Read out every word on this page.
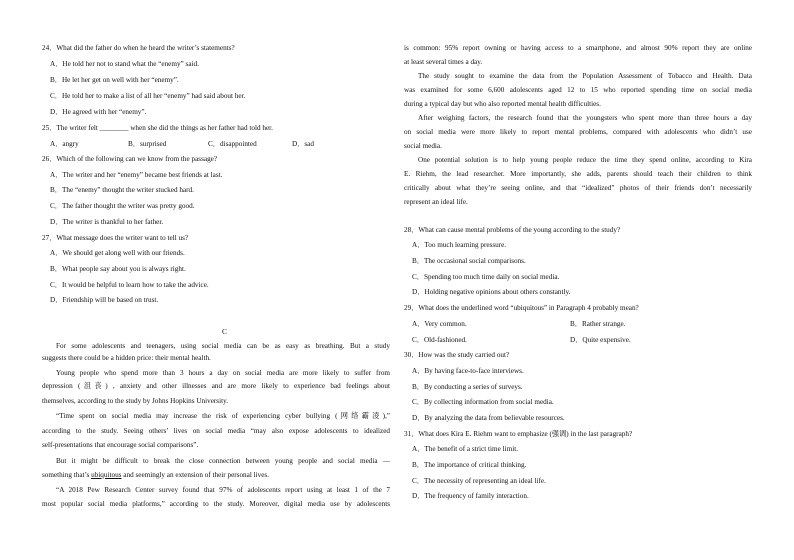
24．What did the father do when he heard the writer’s statements?
A．He told her not to stand what the “enemy” said.
B．He let her get on well with her “enemy”.
C．He told her to make a list of all her “enemy” had said about her.
D．He agreed with her “enemy”.
25．The writer felt ________ when she did the things as her father had told her.
A．angry	B．surprised	C．disappointed	D．sad
26．Which of the following can we know from the passage?
A．The writer and her “enemy” became best friends at last.
B．The “enemy” thought the writer stucked hard.
C．The father thought the writer was pretty good.
D．The writer is thankful to her father.
27．What message does the writer want to tell us?
A．We should get along well with our friends.
B．What people say about you is always right.
C．It would be helpful to learn how to take the advice.
D．Friendship will be based on trust.
C
For some adolescents and teenagers, using social media can be as easy as breathing. But a study
suggests there could be a hidden price: their mental health.
Young people who spend more than 3 hours a day on social media are more likely to suffer from
depression (沮丧) , anxiety and other illnesses and are more likely to experience bad feelings about
themselves, according to the study by Johns Hopkins University.
“Time spent on social media may increase the risk of experiencing cyber bullying (网络霸凌),”
according to the study. Seeing others’ lives on social media “may also expose adolescents to idealized
self-presentations that encourage social comparisons”.
But it might be difficult to break the close connection between young people and social media —
something that’s ubiquitous and seemingly an extension of their personal lives.
“A 2018 Pew Research Center survey found that 97% of adolescents report using at least 1 of the 7
most popular social media platforms,” according to the study. Moreover, digital media use by adolescents
is common: 95% report owning or having access to a smartphone, and almost 90% report they are online
at least several times a day.
The study sought to examine the data from the Population Assessment of Tobacco and Health. Data
was examined for some 6,600 adolescents aged 12 to 15 who reported spending time on social media
during a typical day but who also reported mental health difficulties.
After weighing factors, the research found that the youngsters who spent more than three hours a day
on social media were more likely to report mental problems, compared with adolescents who didn’t use
social media.
One potential solution is to help young people reduce the time they spend online, according to Kira
E. Riehm, the lead researcher. More importantly, she adds, parents should teach their children to think
critically about what they’re seeing online, and that “idealized” photos of their friends don’t necessarily
represent an ideal life.
28．What can cause mental problems of the young according to the study?
A．Too much learning pressure.
B．The occasional social comparisons.
C．Spending too much time daily on social media.
D．Holding negative opinions about others constantly.
29．What does the underlined word “ubiquitous” in Paragraph 4 probably mean?
A．Very common.	B．Rather strange.
C．Old-fashioned.	D．Quite expensive.
30．How was the study carried out?
A．By having face-to-face interviews.
B．By conducting a series of surveys.
C．By collecting information from social media.
D．By analyzing the data from believable resources.
31．What does Kira E. Riehm want to emphasize (强调) in the last paragraph?
A．The benefit of a strict time limit.
B．The importance of critical thinking.
C．The necessity of representing an ideal life.
D．The frequency of family interaction.
